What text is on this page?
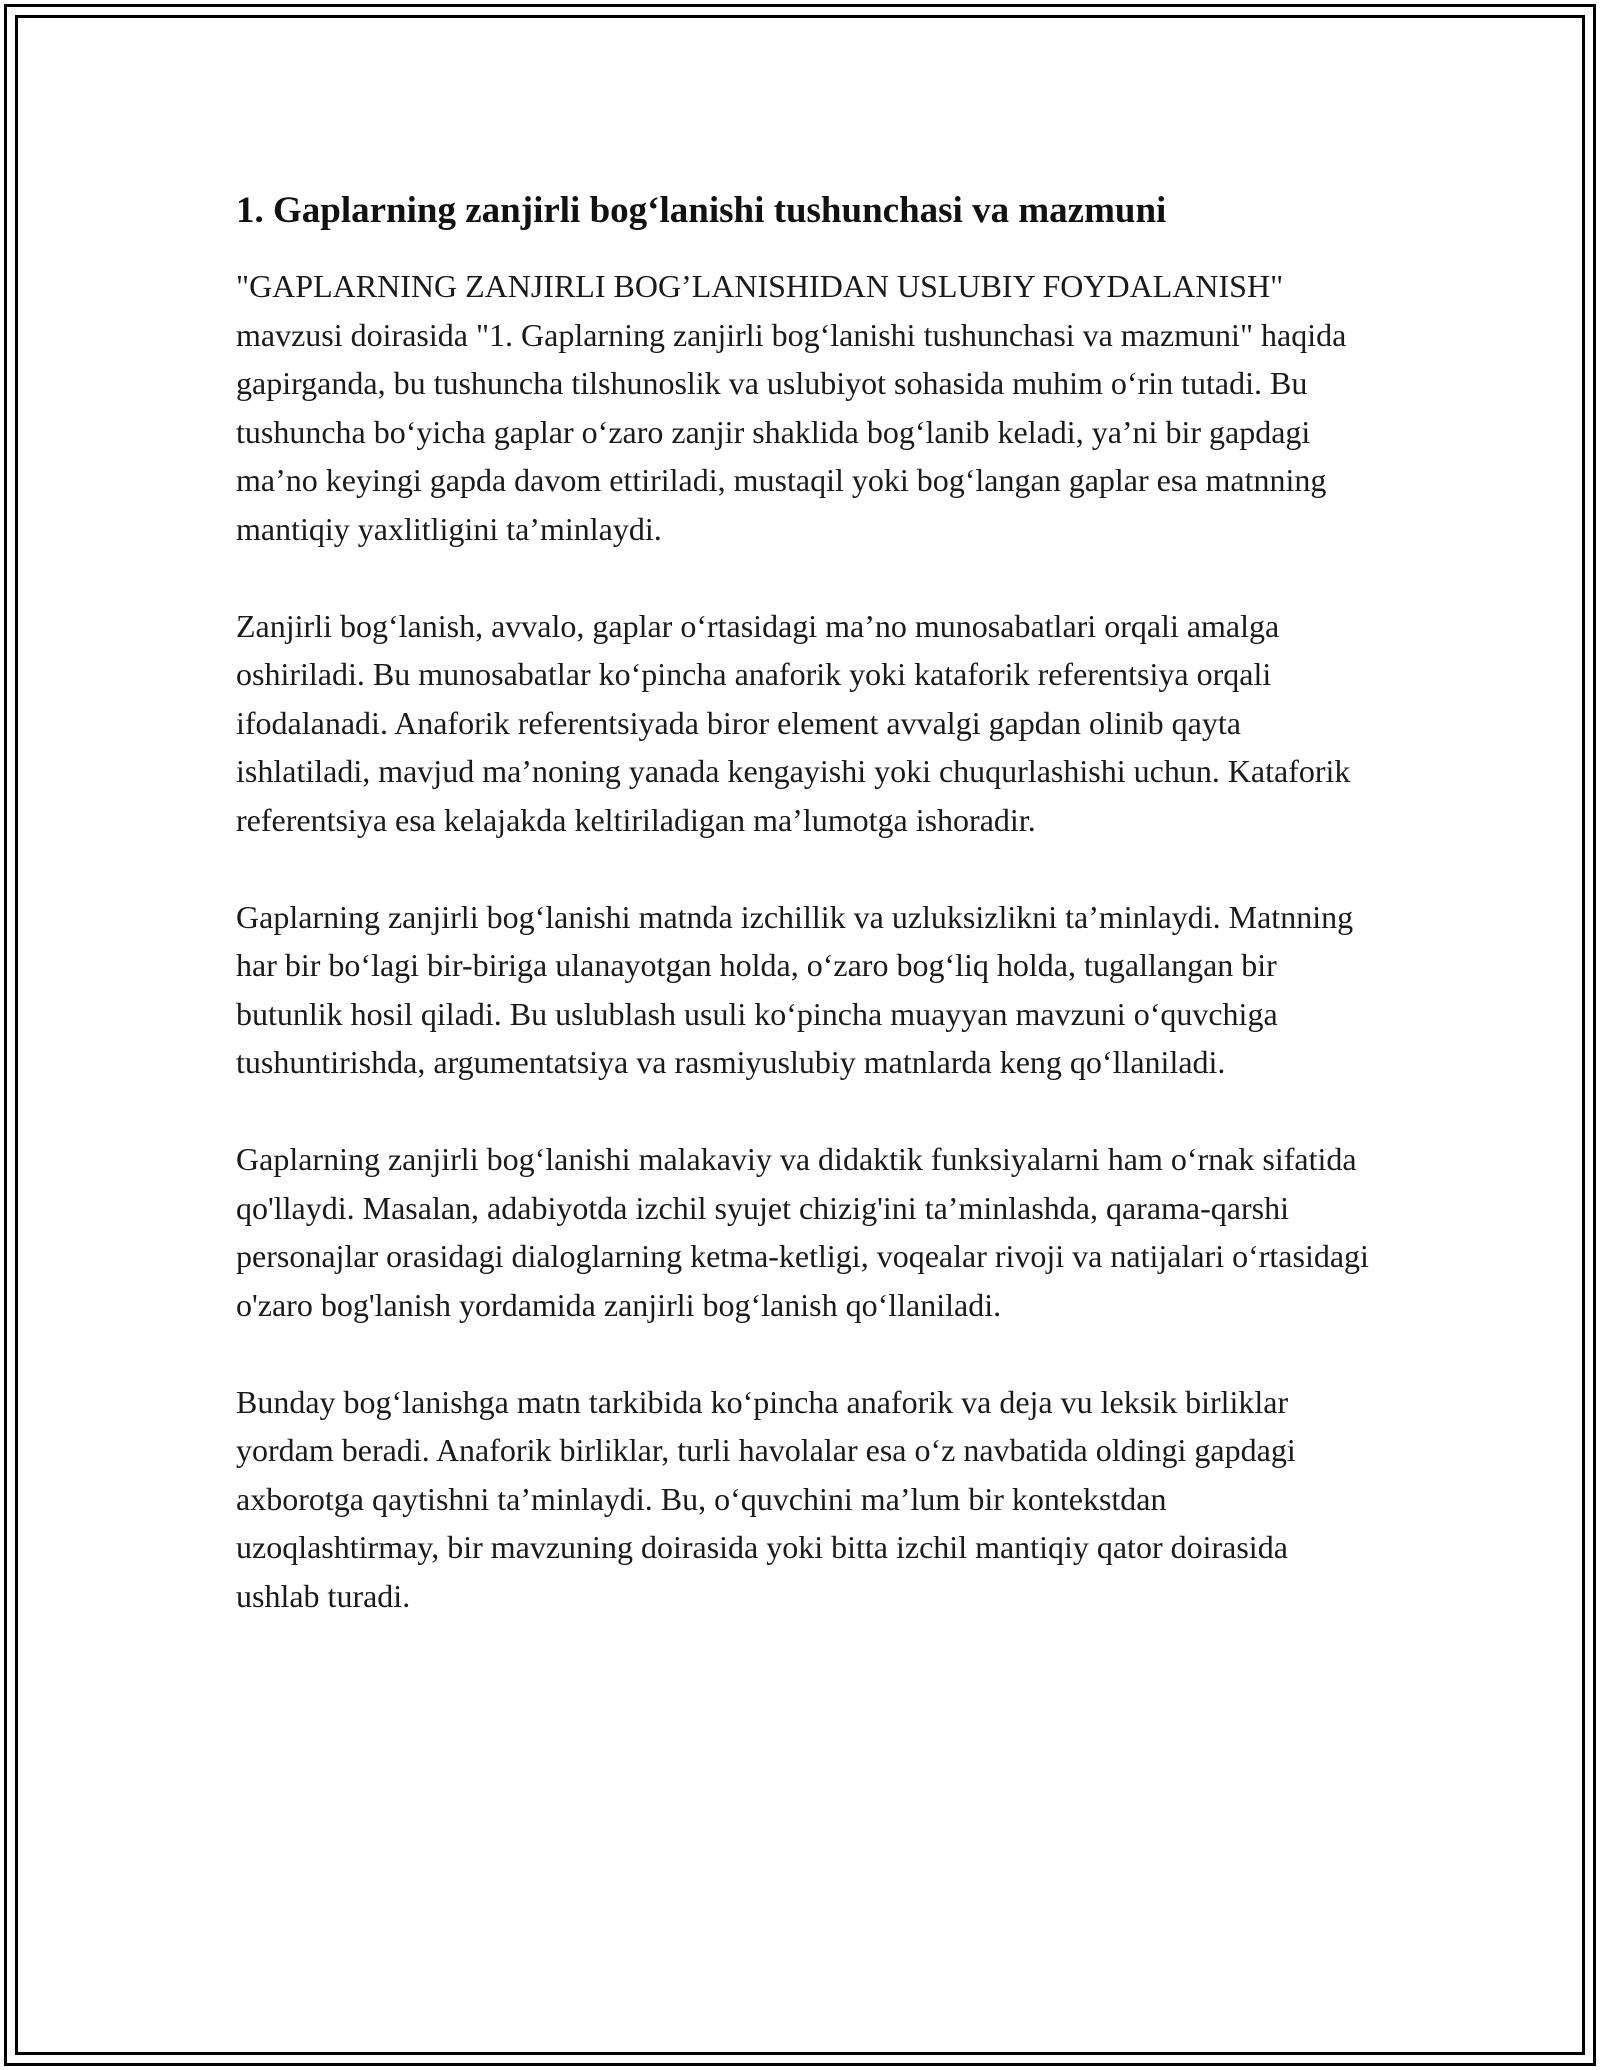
1. Gaplarning zanjirli bog‘lanishi tushunchasi va mazmuni

"GAPLARNING ZANJIRLI BOG’LANISHIDAN USLUBIY FOYDALANISH" mavzusi doirasida "1. Gaplarning zanjirli bog‘lanishi tushunchasi va mazmuni" haqida gapirganda, bu tushuncha tilshunoslik va uslubiyot sohasida muhim o‘rin tutadi. Bu tushuncha bo‘yicha gaplar o‘zaro zanjir shaklida bog‘lanib keladi, ya’ni bir gapdagi ma’no keyingi gapda davom ettiriladi, mustaqil yoki bog‘langan gaplar esa matnning mantiqiy yaxlitligini ta’minlaydi.

Zanjirli bog‘lanish, avvalo, gaplar o‘rtasidagi ma’no munosabatlari orqali amalga oshiriladi. Bu munosabatlar ko‘pincha anaforik yoki kataforik referentsiya orqali ifodalanadi. Anaforik referentsiyada biror element avvalgi gapdan olinib qayta ishlatiladi, mavjud ma’noning yanada kengayishi yoki chuqurlashishi uchun. Kataforik referentsiya esa kelajakda keltiriladigan ma’lumotga ishoradir.

Gaplarning zanjirli bog‘lanishi matnda izchillik va uzluksizlikni ta’minlaydi. Matnning har bir bo‘lagi bir-biriga ulanayotgan holda, o‘zaro bog‘liq holda, tugallangan bir butunlik hosil qiladi. Bu uslublash usuli ko‘pincha muayyan mavzuni o‘quvchiga tushuntirishda, argumentatsiya va rasmiyuslubiy matnlarda keng qo‘llaniladi.

Gaplarning zanjirli bog‘lanishi malakaviy va didaktik funksiyalarni ham o‘rnak sifatida qo'llaydi. Masalan, adabiyotda izchil syujet chizig'ini ta’minlashda, qarama-qarshi personajlar orasidagi dialoglarning ketma-ketligi, voqealar rivoji va natijalari o‘rtasidagi o'zaro bog'lanish yordamida zanjirli bog‘lanish qo‘llaniladi.

Bunday bog‘lanishga matn tarkibida ko‘pincha anaforik va deja vu leksik birliklar yordam beradi. Anaforik birliklar, turli havolalar esa o‘z navbatida oldingi gapdagi axborotga qaytishni ta’minlaydi. Bu, o‘quvchini ma’lum bir kontekstdan uzoqlashtirmay, bir mavzuning doirasida yoki bitta izchil mantiqiy qator doirasida ushlab turadi.
